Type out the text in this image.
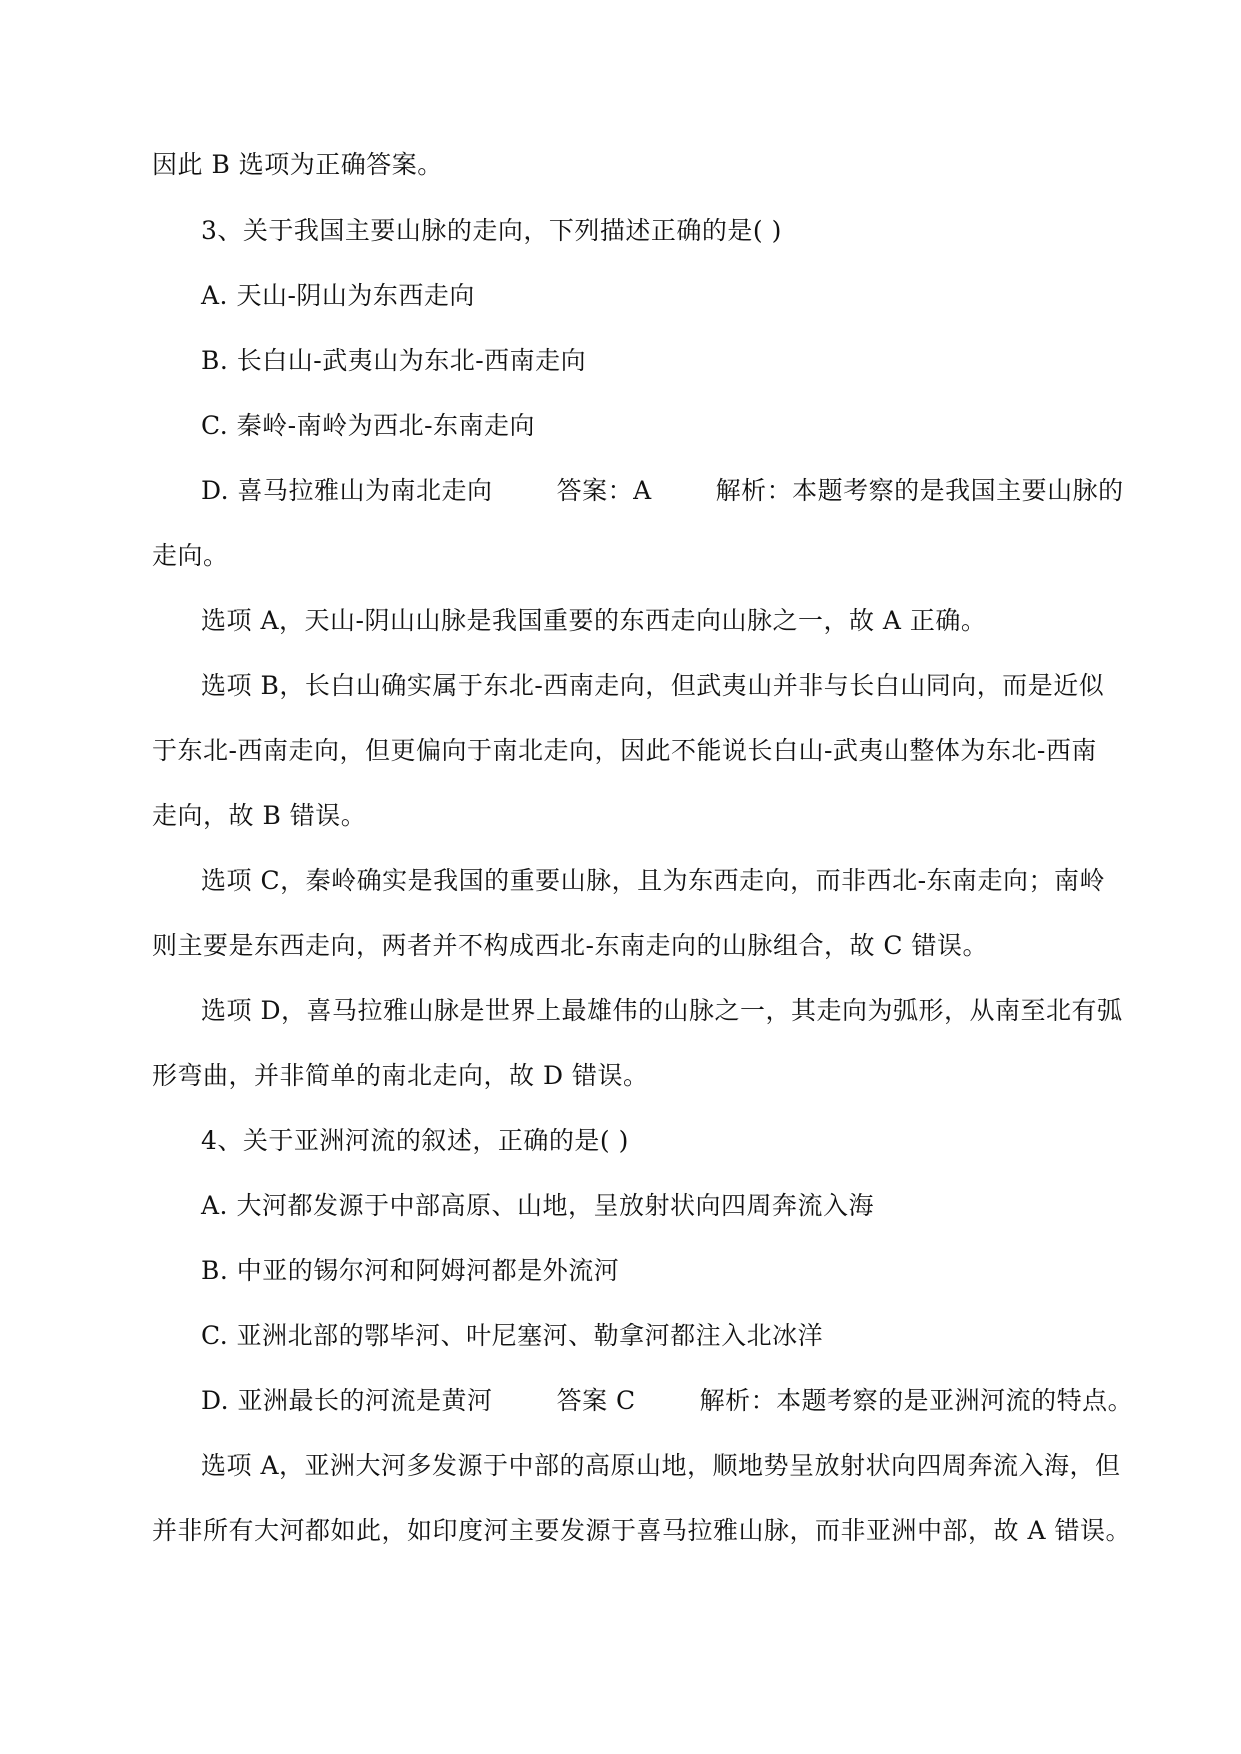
因此 B 选项为正确答案。
3、关于我国主要山脉的走向，下列描述正确的是( )
A. 天山-阴山为东西走向
B. 长白山-武夷山为东北-西南走向
C. 秦岭-南岭为西北-东南走向
D. 喜马拉雅山为南北走向	答案：A	解析：本题考察的是我国主要山脉的
走向。
选项 A，天山-阴山山脉是我国重要的东西走向山脉之一，故 A 正确。
选项 B，长白山确实属于东北-西南走向，但武夷山并非与长白山同向，而是近似
于东北-西南走向，但更偏向于南北走向，因此不能说长白山-武夷山整体为东北-西南
走向，故 B 错误。
选项 C，秦岭确实是我国的重要山脉，且为东西走向，而非西北-东南走向；南岭
则主要是东西走向，两者并不构成西北-东南走向的山脉组合，故 C 错误。
选项 D，喜马拉雅山脉是世界上最雄伟的山脉之一，其走向为弧形，从南至北有弧
形弯曲，并非简单的南北走向，故 D 错误。
4、关于亚洲河流的叙述，正确的是( )
A. 大河都发源于中部高原、山地，呈放射状向四周奔流入海
B. 中亚的锡尔河和阿姆河都是外流河
C. 亚洲北部的鄂毕河、叶尼塞河、勒拿河都注入北冰洋
D. 亚洲最长的河流是黄河	答案 C	解析：本题考察的是亚洲河流的特点。
选项 A，亚洲大河多发源于中部的高原山地，顺地势呈放射状向四周奔流入海，但
并非所有大河都如此，如印度河主要发源于喜马拉雅山脉，而非亚洲中部，故 A 错误。
